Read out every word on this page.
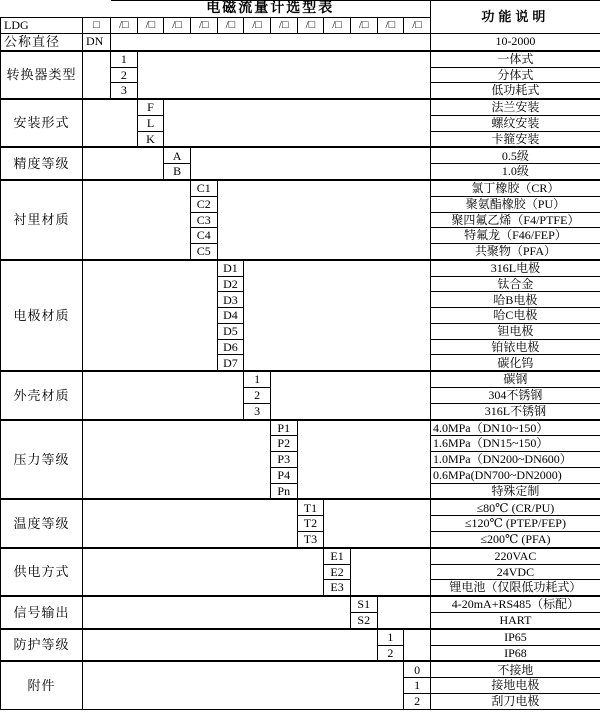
		电磁流量计选型表												功能说明
LDG	□	/□	/□	/□	/□	/□	/□	/□	/□	/□	/□	/□	/□	
公称直径	DN													10-2000
转换器类型		1												一体式
		2												分体式
		3												低功耗式
安装形式			F											法兰安装
			L											螺纹安装
			K											卡箍安装
精度等级				A										0.5级
				B										1.0级
衬里材质					C1									氯丁橡胶（CR）
					C2									聚氨酯橡胶（PU）
					C3									聚四氟乙烯（F4/PTFE）
					C4									特氟龙（F46/FEP）
					C5									共聚物（PFA）
电极材质						D1								316L电极
						D2								钛合金
						D3								哈B电极
						D4								哈C电极
						D5								钽电极
						D6								铂铱电极
						D7								碳化钨
外壳材质							1							碳钢
							2							304不锈钢
							3							316L不锈钢
压力等级								P1						4.0MPa（DN10~150）
								P2						1.6MPa（DN15~150）
								P3						1.0MPa（DN200~DN600）
								P4						0.6MPa(DN700~DN2000)
								Pn						特殊定制
温度等级									T1					≤80℃ (CR/PU)
									T2					≤120℃ (PTEP/FEP)
									T3					≤200℃ (PFA)
供电方式										E1				220VAC
										E2				24VDC
										E3				锂电池（仅限低功耗式）
信号输出											S1			4-20mA+RS485（标配）
											S2			HART
防护等级												1		IP65
												2		IP68
附件													0	不接地
													1	接地电极
													2	刮刀电极
